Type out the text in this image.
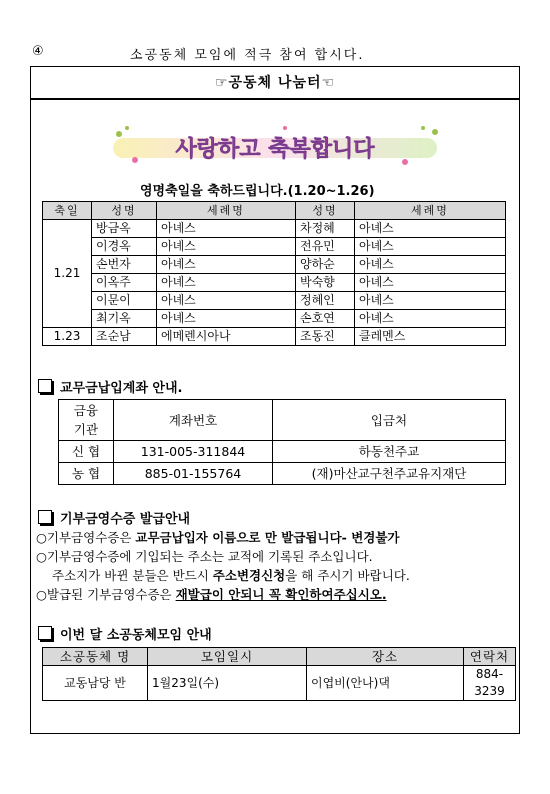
④	소공동체 모임에 적극 참여 합시다.
☞공동체 나눔터☜
사랑하고 축복합니다
영명축일을 축하드립니다.(1.20~1.26)
축일	성명	세례명	성명	세례명
1.21	방금옥	아녜스	차정혜	아녜스
	이경옥	아녜스	전유민	아녜스
	손번자	아녜스	양하순	아녜스
	이옥주	아녜스	박숙향	아녜스
	이문이	아녜스	정혜인	아녜스
	최기옥	아녜스	손호연	아녜스
1.23	조순남	에메렌시아나	조동진	클레멘스
교무금납입계좌 안내.
금융
기관	계좌번호	입금처
신 협	131-005-311844	하동천주교
농 협	885-01-155764	(재)마산교구천주교유지재단
기부금영수증 발급안내
○기부금영수증은 교무금납입자 이름으로 만 발급됩니다- 변경불가
○기부금영수증에 기입되는 주소는 교적에 기록된 주소입니다.
주소지가 바뀐 분들은 반드시 주소변경신청을 해 주시기 바랍니다.
○발급된 기부금영수증은 재발급이 안되니 꼭 확인하여주십시오.
이번 달 소공동체모임 안내
소공동체 명	모임일시	장소	연락처
교동남당 반	1월23일(수)	이엽비(안나)댁	884-3239
